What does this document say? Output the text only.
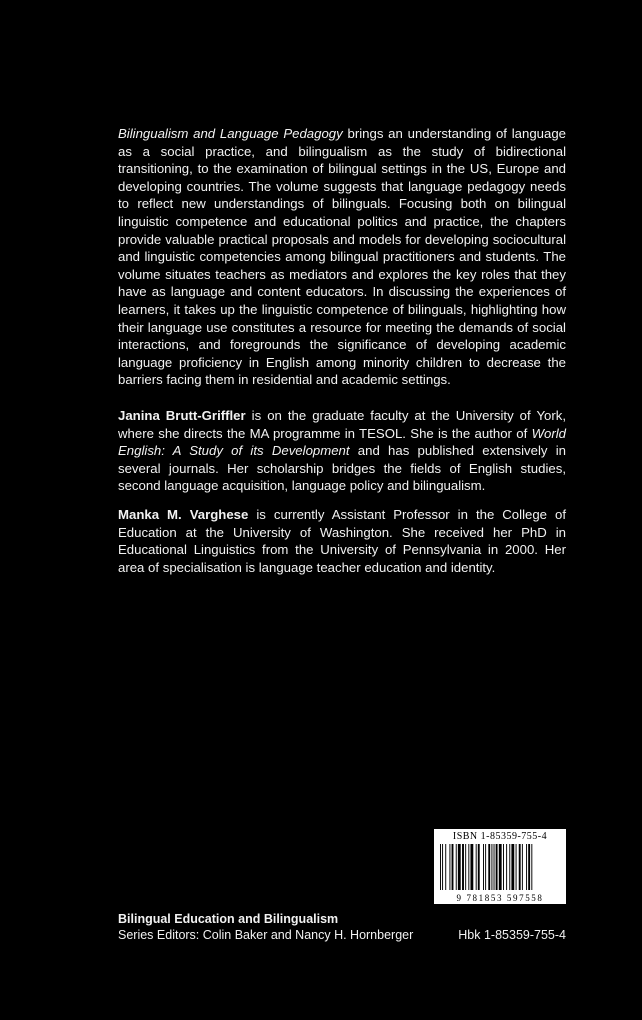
Bilingualism and Language Pedagogy brings an understanding of language as a social practice, and bilingualism as the study of bidirectional transitioning, to the examination of bilingual settings in the US, Europe and developing countries. The volume suggests that language pedagogy needs to reflect new understandings of bilinguals. Focusing both on bilingual linguistic competence and educational politics and practice, the chapters provide valuable practical proposals and models for developing sociocultural and linguistic competencies among bilingual practitioners and students. The volume situates teachers as mediators and explores the key roles that they have as language and content educators. In discussing the experiences of learners, it takes up the linguistic competence of bilinguals, highlighting how their language use constitutes a resource for meeting the demands of social interactions, and foregrounds the significance of developing academic language proficiency in English among minority children to decrease the barriers facing them in residential and academic settings.

Janina Brutt-Griffler is on the graduate faculty at the University of York, where she directs the MA programme in TESOL. She is the author of World English: A Study of its Development and has published extensively in several journals. Her scholarship bridges the fields of English studies, second language acquisition, language policy and bilingualism.

Manka M. Varghese is currently Assistant Professor in the College of Education at the University of Washington. She received her PhD in Educational Linguistics from the University of Pennsylvania in 2000. Her area of specialisation is language teacher education and identity.

ISBN 1-85359-755-4
9 781853 597558
Bilingual Education and Bilingualism
Series Editors: Colin Baker and Nancy H. Hornberger	Hbk 1-85359-755-4
